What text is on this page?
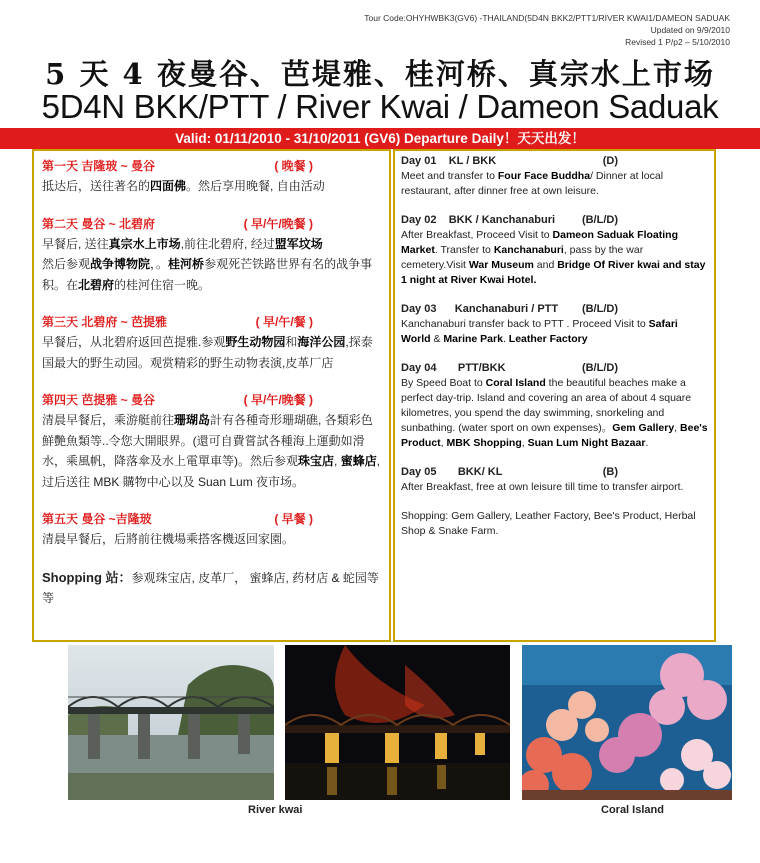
Tour Code:OHYHWBK3(GV6) -THAILAND(5D4N BKK2/PTT1/RIVER KWAI1/DAMEON SADUAK
Updated on 9/9/2010
Revised 1 P/p2 – 5/10/2010
5 天 4 夜曼谷、芭堤雅、桂河桥、真宗水上市场
5D4N BKK/PTT / River Kwai / Dameon Saduak
Valid: 01/11/2010 - 31/10/2011 (GV6) Departure Daily！天天出发！
第一天 吉隆玻 ~ 曼谷	( 晚餐 )
抵达后，送往著名的四面佛。然后享用晚餐, 自由活动
第二天 曼谷 ~ 北碧府	( 早/午/晚餐 )
早餐后, 送往真宗水上市场,前往北碧府, 经过盟军坟场
然后参观战争博物院，。桂河桥参观死芒铁路世界有名的战争事积。在北碧府的桂河住宿一晚。
第三天 北碧府 ~ 芭提雅	( 早/午/餐 )
早餐后，从北碧府返回芭提雅.参观野生动物园和海洋公园,探泰国最大的野生动园。观赏精彩的野生动物表演,皮革厂店
第四天 芭提雅 ~ 曼谷	( 早/午/晚餐 )
清晨早餐后，乘游艇前往珊瑚岛計有各種奇形珊瑚礁, 各類彩色鮮艷魚類等..令您大開眼界。(還可自費嘗試各種海上運動如滑水，乘風帆，降落傘及水上電單車等)。然后参观珠宝店, 蜜蜂店,过后送往 MBK 購物中心以及 Suan Lum 夜市场。
第五天 曼谷 ~吉隆玻	( 早餐 )
清晨早餐后，后將前往機場乘搭客機返回家園。
Shopping 站：参观珠宝店, 皮革厂， 蜜蜂店, 药材店 & 蛇园等等
Day 01    KL / BKK	(D)
Meet and transfer to Four Face Buddha/ Dinner at local restaurant, after dinner free at own leisure.
Day 02    BKK / Kanchanaburi (B/L/D)
After Breakfast, Proceed Visit to Dameon Saduak Floating Market. Transfer to Kanchanaburi, pass by the war cemetery.Visit War Museum and Bridge Of River kwai and stay 1 night at River Kwai Hotel.
Day 03      Kanchanaburi / PTT (B/L/D)
Kanchanaburi transfer back to PTT . Proceed Visit to Safari World & Marine Park. Leather Factory
Day 04       PTT/BKK	(B/L/D)
By Speed Boat to Coral Island the beautiful beaches make a perfect day-trip. Island and covering an area of about 4 square kilometres, you spend the day swimming, snorkeling and sunbathing. (water sport on own expenses)。Gem Gallery, Bee's Product, MBK Shopping, Suan Lum Night Bazaar.
Day 05       BKK/ KL	(B)
After Breakfast, free at own leisure till time to transfer airport.
Shopping: Gem Gallery, Leather Factory, Bee's Product, Herbal Shop & Snake Farm.
River kwai	Coral Island
